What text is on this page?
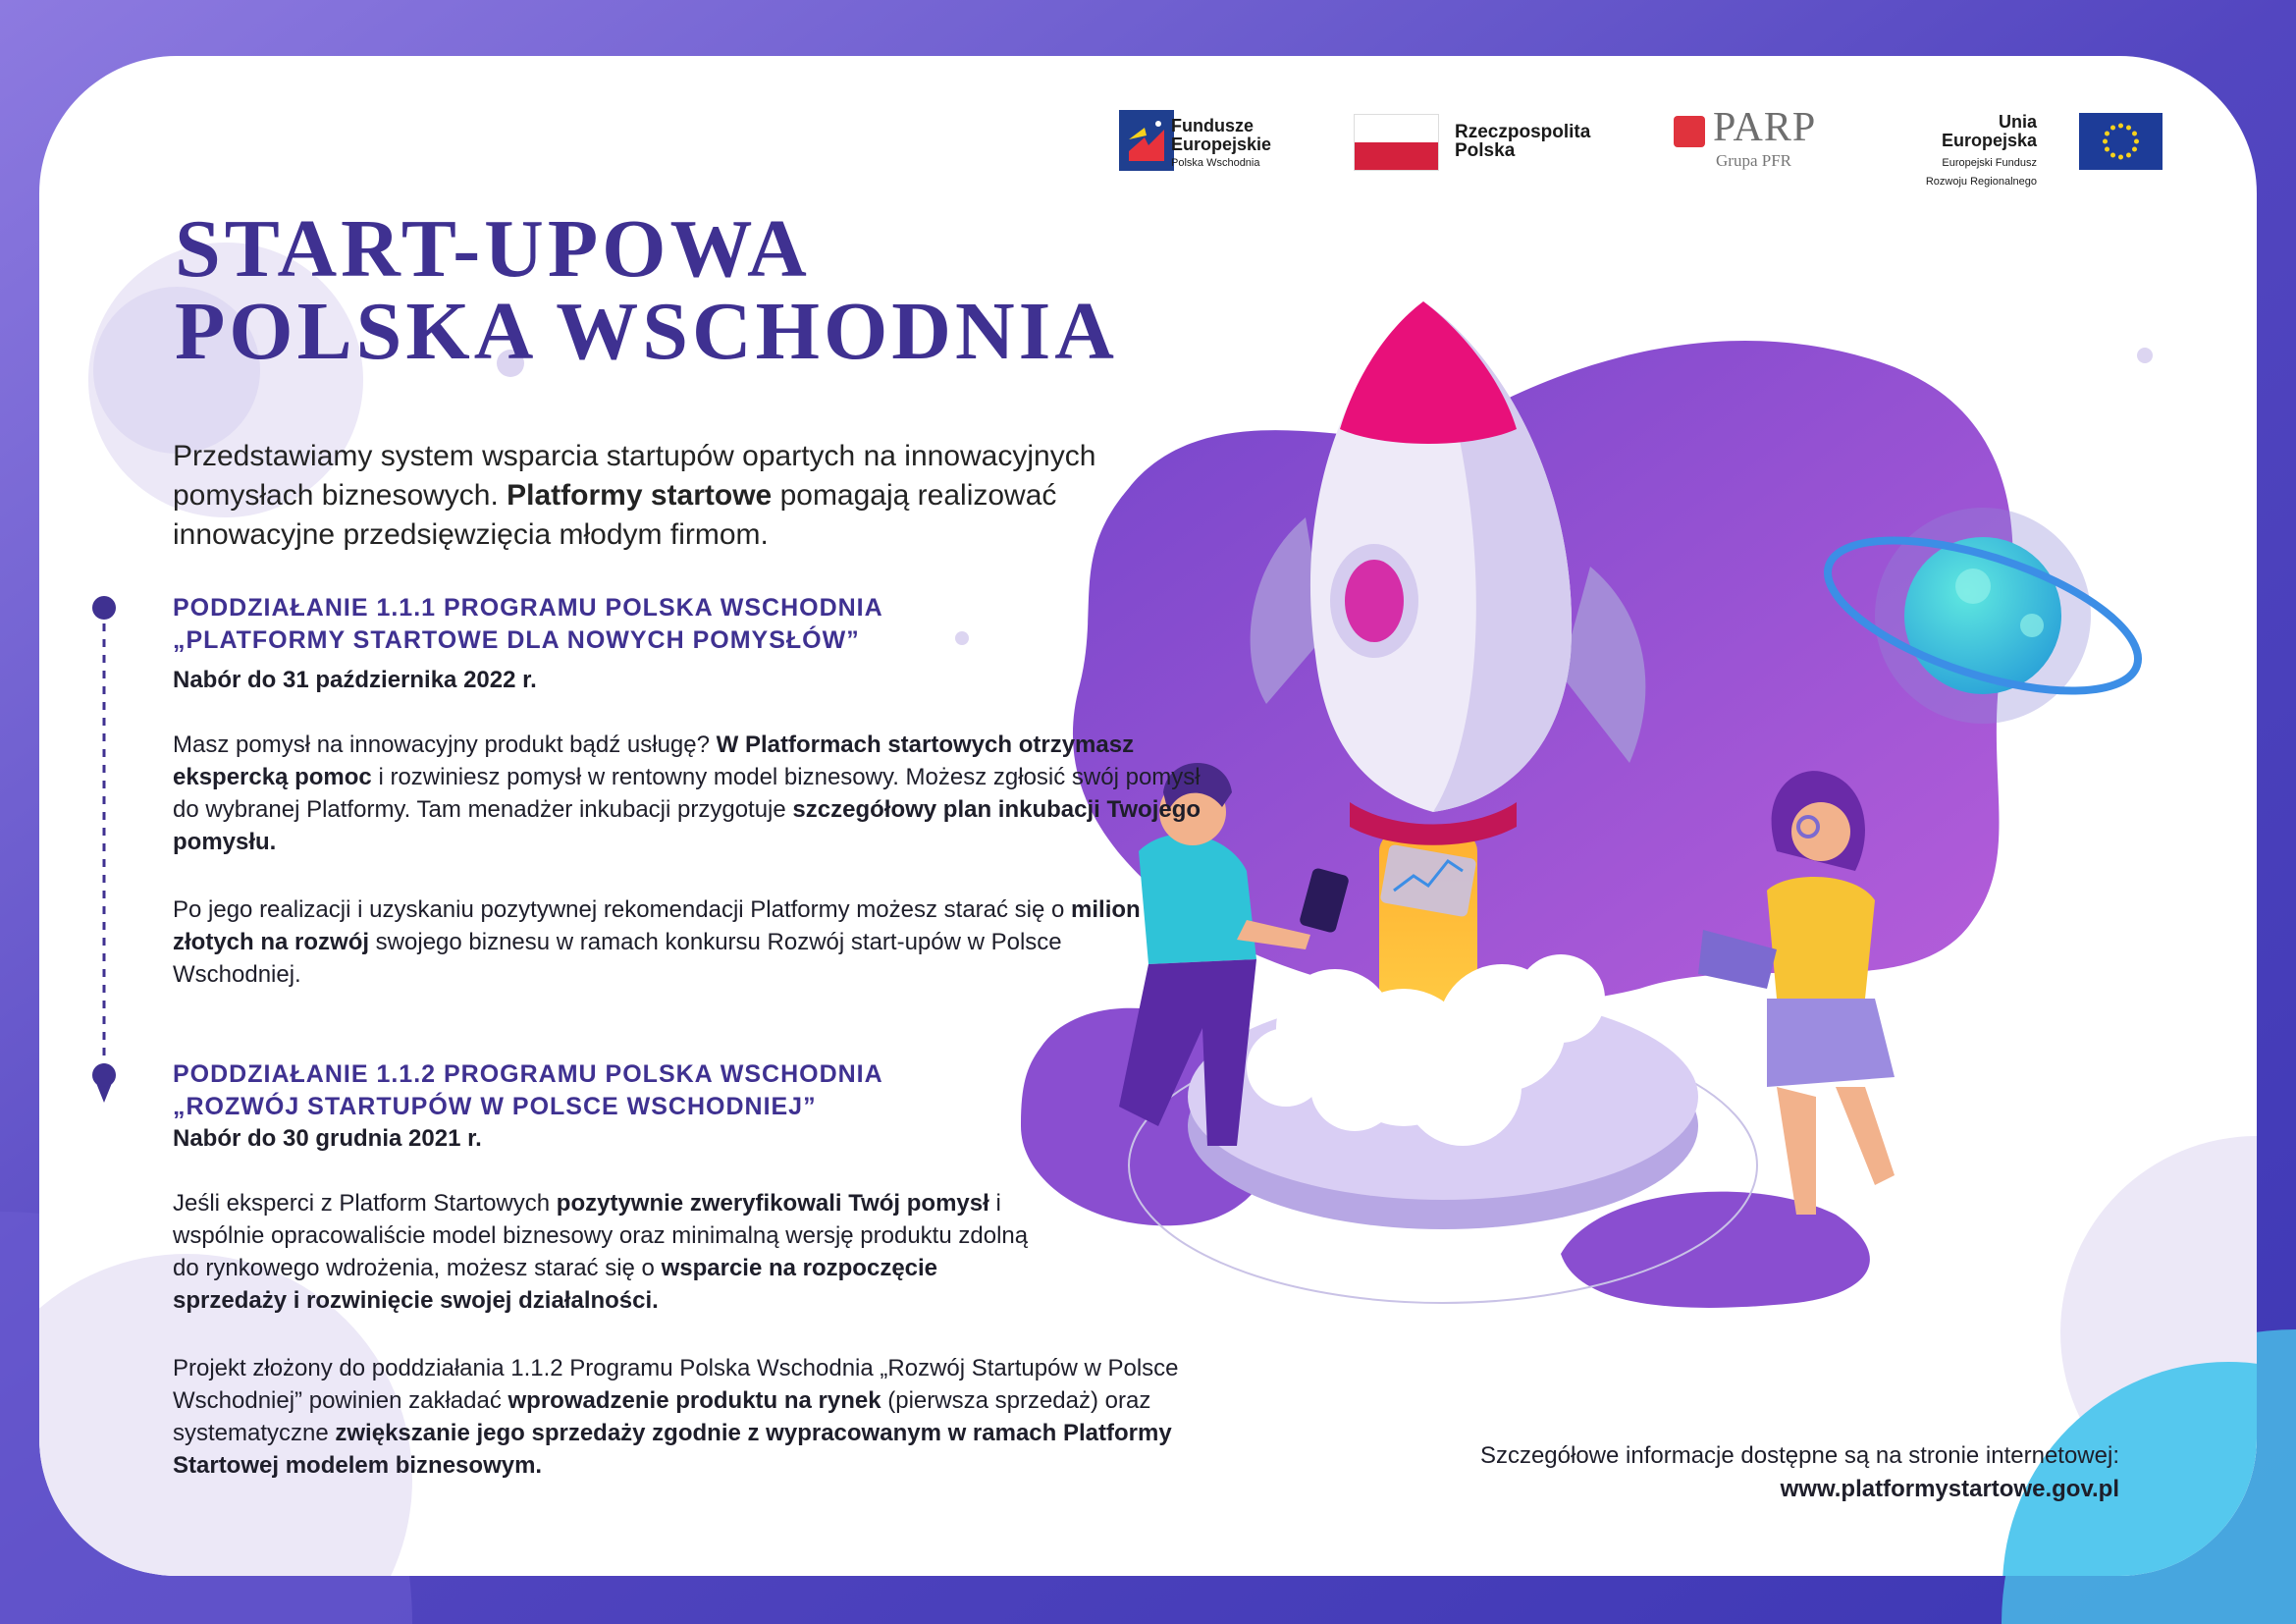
Fundusze
Europejskie
Polska Wschodnia
Rzeczpospolita
Polska
PARP
Grupa PFR
Unia Europejska
Europejski Fundusz
Rozwoju Regionalnego
START-UPOWA
POLSKA WSCHODNIA

Przedstawiamy system wsparcia startupów opartych na innowacyjnych pomysłach biznesowych. Platformy startowe pomagają realizować innowacyjne przedsięwzięcia młodym firmom.

PODDZIAŁANIE 1.1.1 PROGRAMU POLSKA WSCHODNIA
„PLATFORMY STARTOWE DLA NOWYCH POMYSŁÓW”

Nabór do 31 października 2022 r.

Masz pomysł na innowacyjny produkt bądź usługę? W Platformach startowych otrzymasz ekspercką pomoc i rozwiniesz pomysł w rentowny model biznesowy. Możesz zgłosić swój pomysł do wybranej Platformy. Tam menadżer inkubacji przygotuje szczegółowy plan inkubacji Twojego pomysłu.

Po jego realizacji i uzyskaniu pozytywnej rekomendacji Platformy możesz starać się o milion złotych na rozwój swojego biznesu w ramach konkursu Rozwój start-upów w Polsce Wschodniej.

PODDZIAŁANIE 1.1.2 PROGRAMU POLSKA WSCHODNIA
„ROZWÓJ STARTUPÓW W POLSCE WSCHODNIEJ”

Nabór do 30 grudnia 2021 r.

Jeśli eksperci z Platform Startowych pozytywnie zweryfikowali Twój pomysł i wspólnie opracowaliście model biznesowy oraz minimalną wersję produktu zdolną do rynkowego wdrożenia, możesz starać się o wsparcie na rozpoczęcie sprzedaży i rozwinięcie swojej działalności.

Projekt złożony do poddziałania 1.1.2 Programu Polska Wschodnia „Rozwój Startupów w Polsce Wschodniej” powinien zakładać wprowadzenie produktu na rynek (pierwsza sprzedaż) oraz systematyczne zwiększanie jego sprzedaży zgodnie z wypracowanym w ramach Platformy Startowej modelem biznesowym.	Szczegółowe informacje dostępne są na stronie internetowej:
www.platformystartowe.gov.pl
